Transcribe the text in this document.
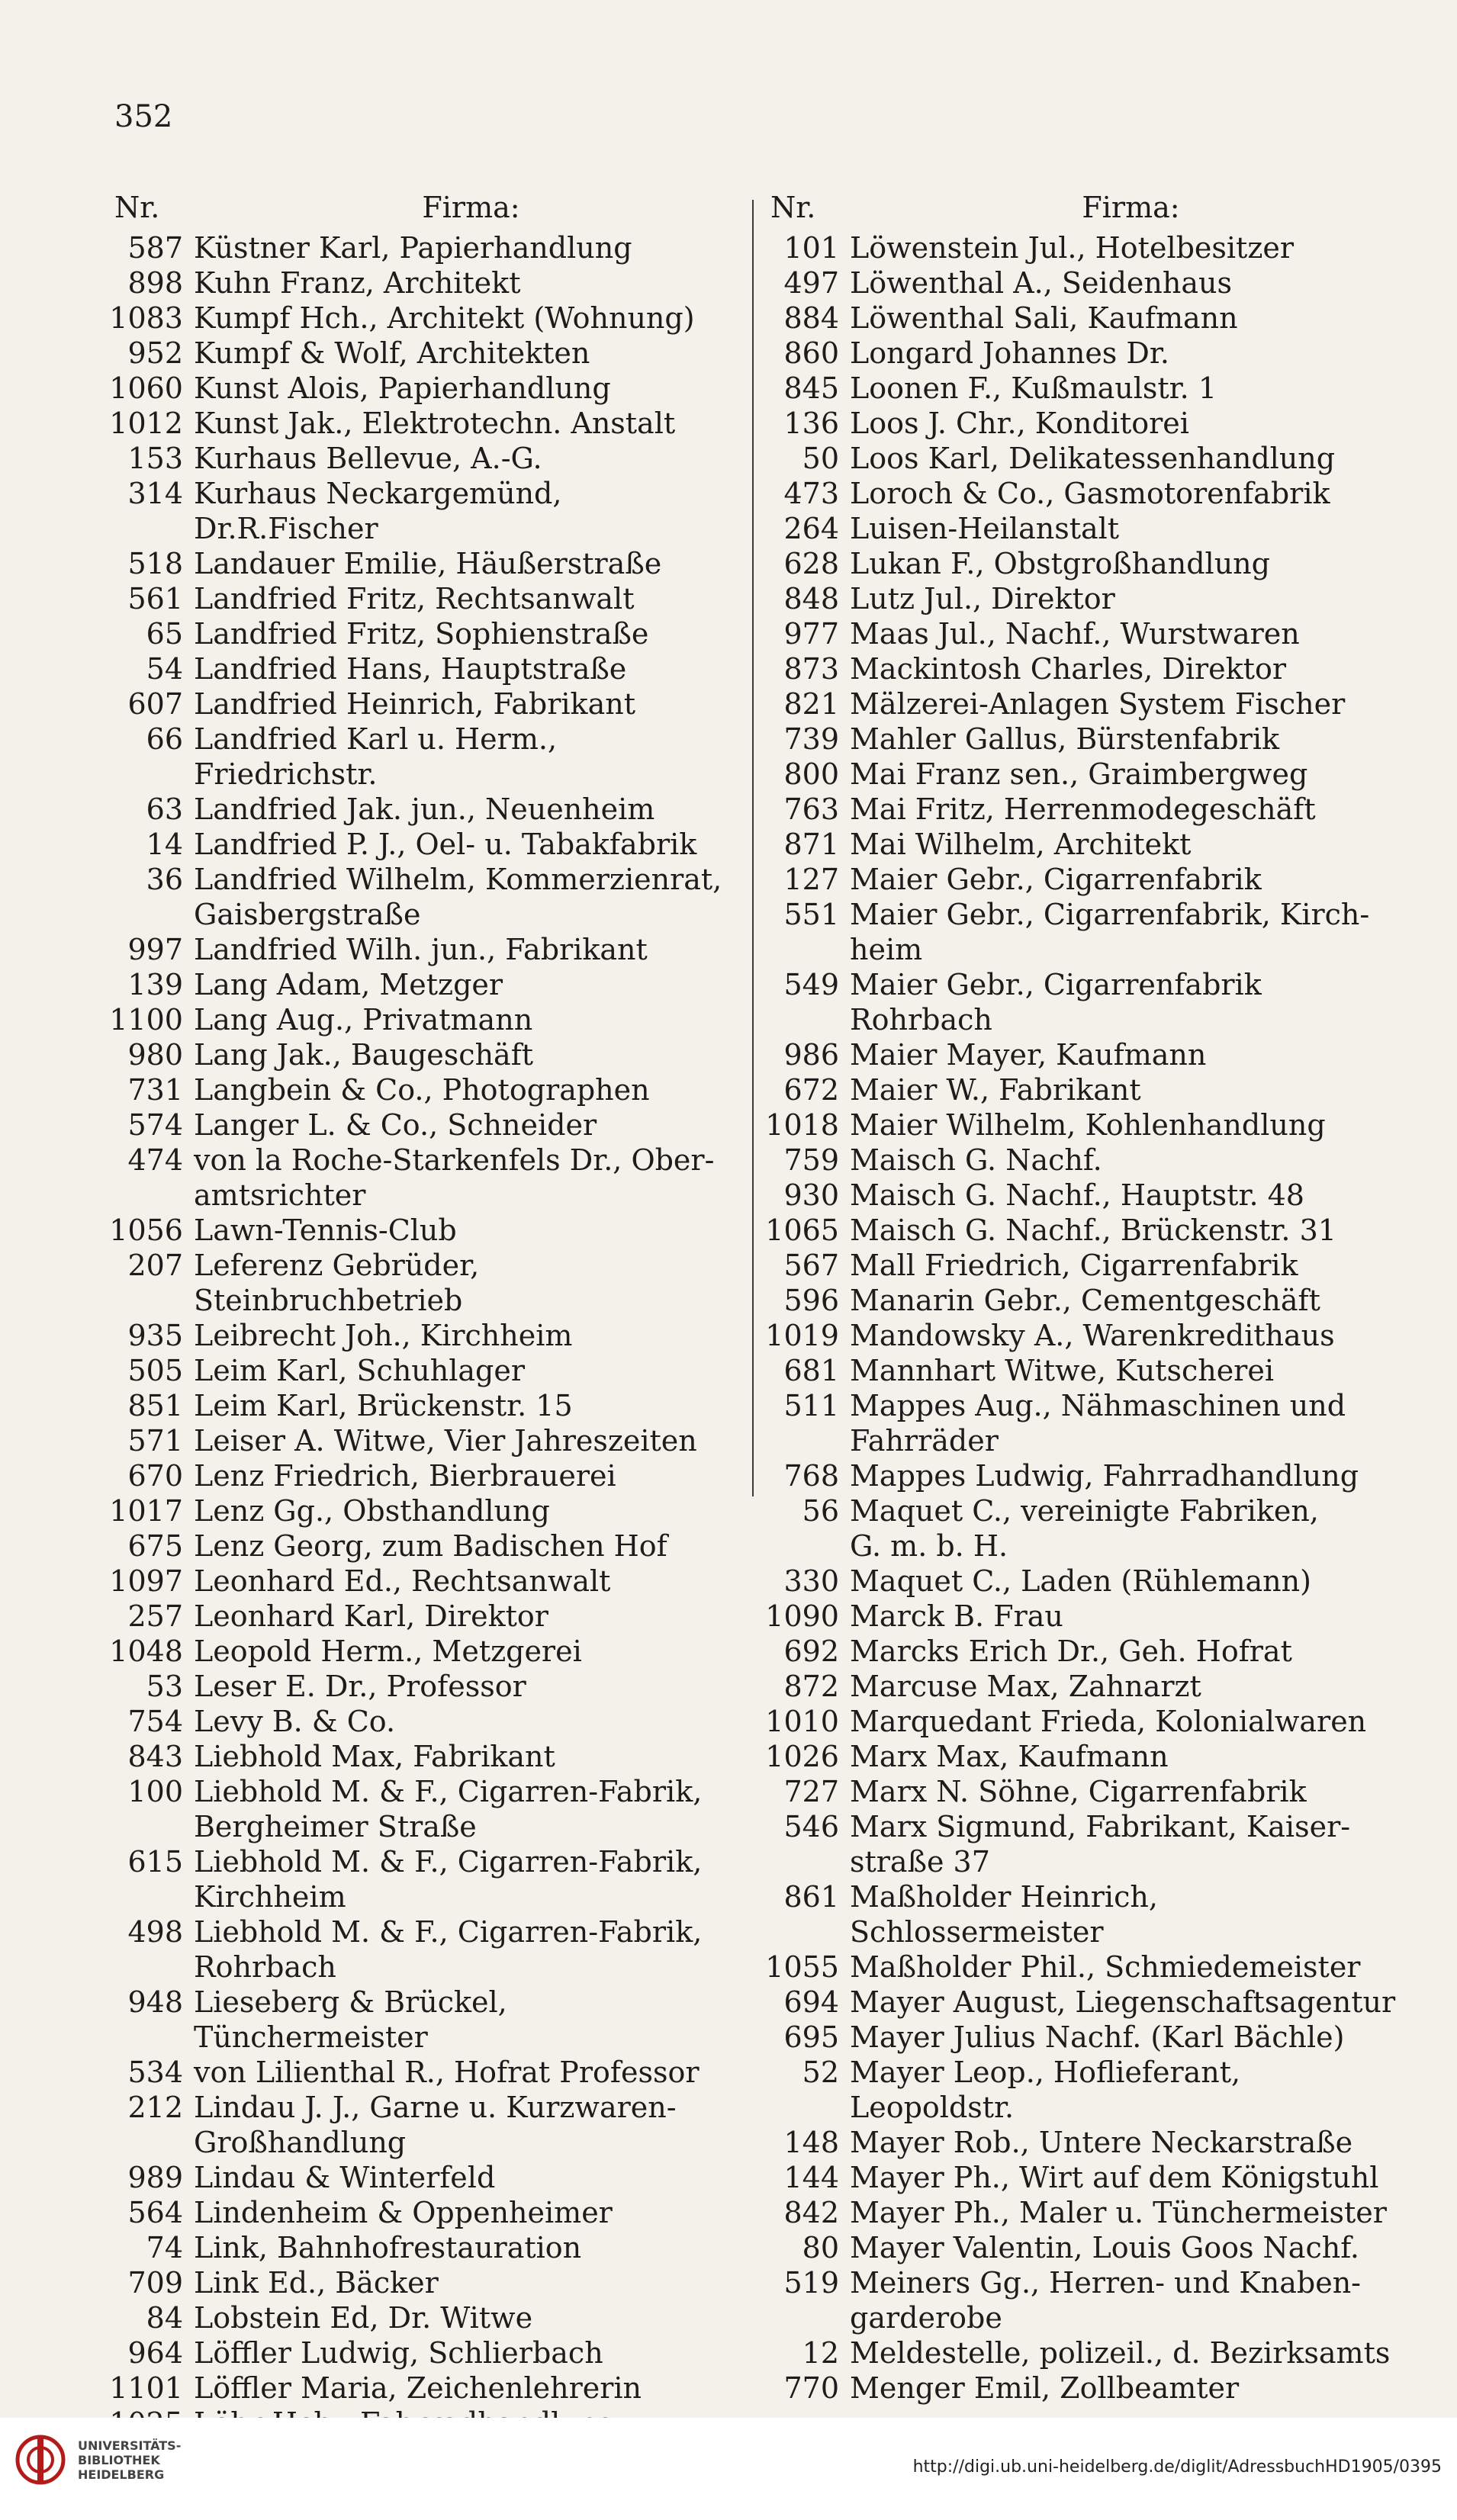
352
Nr.	Firma:
587 Küstner Karl, Papierhandlung
898 Kuhn Franz, Architekt
1083 Kumpf Hch., Architekt (Wohnung)
952 Kumpf & Wolf, Architekten
1060 Kunst Alois, Papierhandlung
1012 Kunst Jak., Elektrotechn. Anstalt
153 Kurhaus Bellevue, A.-G.
314 Kurhaus Neckargemünd, Dr.R.Fischer
518 Landauer Emilie, Häußerstraße
561 Landfried Fritz, Rechtsanwalt
65 Landfried Fritz, Sophienstraße
54 Landfried Hans, Hauptstraße
607 Landfried Heinrich, Fabrikant
66 Landfried Karl u. Herm., Friedrichstr.
63 Landfried Jak. jun., Neuenheim
14 Landfried P. J., Oel- u. Tabakfabrik
36 Landfried Wilhelm, Kommerzienrat,
Gaisbergstraße
997 Landfried Wilh. jun., Fabrikant
139 Lang Adam, Metzger
1100 Lang Aug., Privatmann
980 Lang Jak., Baugeschäft
731 Langbein & Co., Photographen
574 Langer L. & Co., Schneider
474 von la Roche-Starkenfels Dr., Ober-
amtsrichter
1056 Lawn-Tennis-Club
207 Leferenz Gebrüder, Steinbruchbetrieb
935 Leibrecht Joh., Kirchheim
505 Leim Karl, Schuhlager
851 Leim Karl, Brückenstr. 15
571 Leiser A. Witwe, Vier Jahreszeiten
670 Lenz Friedrich, Bierbrauerei
1017 Lenz Gg., Obsthandlung
675 Lenz Georg, zum Badischen Hof
1097 Leonhard Ed., Rechtsanwalt
257 Leonhard Karl, Direktor
1048 Leopold Herm., Metzgerei
53 Leser E. Dr., Professor
754 Levy B. & Co.
843 Liebhold Max, Fabrikant
100 Liebhold M. & F., Cigarren-Fabrik,
Bergheimer Straße
615 Liebhold M. & F., Cigarren-Fabrik,
Kirchheim
498 Liebhold M. & F., Cigarren-Fabrik,
Rohrbach
948 Lieseberg & Brückel, Tünchermeister
534 von Lilienthal R., Hofrat Professor
212 Lindau J. J., Garne u. Kurzwaren-
Großhandlung
989 Lindau & Winterfeld
564 Lindenheim & Oppenheimer
74 Link, Bahnhofrestauration
709 Link Ed., Bäcker
84 Lobstein Ed, Dr. Witwe
964 Löffler Ludwig, Schlierbach
1101 Löffler Maria, Zeichenlehrerin
Nr.	Firma:
101 Löwenstein Jul., Hotelbesitzer
497 Löwenthal A., Seidenhaus
884 Löwenthal Sali, Kaufmann
860 Longard Johannes Dr.
845 Loonen F., Kußmaulstr. 1
136 Loos J. Chr., Konditorei
50 Loos Karl, Delikatessenhandlung
473 Loroch & Co., Gasmotorenfabrik
264 Luisen-Heilanstalt
628 Lukan F., Obstgroßhandlung
848 Lutz Jul., Direktor
977 Maas Jul., Nachf., Wurstwaren
873 Mackintosh Charles, Direktor
821 Mälzerei-Anlagen System Fischer
739 Mahler Gallus, Bürstenfabrik
800 Mai Franz sen., Graimbergweg
763 Mai Fritz, Herrenmodegeschäft
871 Mai Wilhelm, Architekt
127 Maier Gebr., Cigarrenfabrik
551 Maier Gebr., Cigarrenfabrik, Kirch-
heim
549 Maier Gebr., Cigarrenfabrik Rohrbach
986 Maier Mayer, Kaufmann
672 Maier W., Fabrikant
1018 Maier Wilhelm, Kohlenhandlung
759 Maisch G. Nachf.
930 Maisch G. Nachf., Hauptstr. 48
1065 Maisch G. Nachf., Brückenstr. 31
567 Mall Friedrich, Cigarrenfabrik
596 Manarin Gebr., Cementgeschäft
1019 Mandowsky A., Warenkredithaus
681 Mannhart Witwe, Kutscherei
511 Mappes Aug., Nähmaschinen und
Fahrräder
768 Mappes Ludwig, Fahrradhandlung
56 Maquet C., vereinigte Fabriken,
G. m. b. H.
330 Maquet C., Laden (Rühlemann)
1090 Marck B. Frau
692 Marcks Erich Dr., Geh. Hofrat
872 Marcuse Max, Zahnarzt
1010 Marquedant Frieda, Kolonialwaren
1026 Marx Max, Kaufmann
727 Marx N. Söhne, Cigarrenfabrik
546 Marx Sigmund, Fabrikant, Kaiser-
straße 37
861 Maßholder Heinrich, Schlossermeister
1055 Maßholder Phil., Schmiedemeister
694 Mayer August, Liegenschaftsagentur
695 Mayer Julius Nachf. (Karl Bächle)
52 Mayer Leop., Hoflieferant, Leopoldstr.
148 Mayer Rob., Untere Neckarstraße
144 Mayer Ph., Wirt auf dem Königstuhl
842 Mayer Ph., Maler u. Tünchermeister
80 Mayer Valentin, Louis Goos Nachf.
519 Meiners Gg., Herren- und Knaben-
garderobe
12 Meldestelle, polizeil., d. Bezirksamts
770 Menger Emil, Zollbeamter
UNIVERSITÄTS-
BIBLIOTHEK
HEIDELBERG	http://digi.ub.uni-heidelberg.de/diglit/AdressbuchHD1905/0395
